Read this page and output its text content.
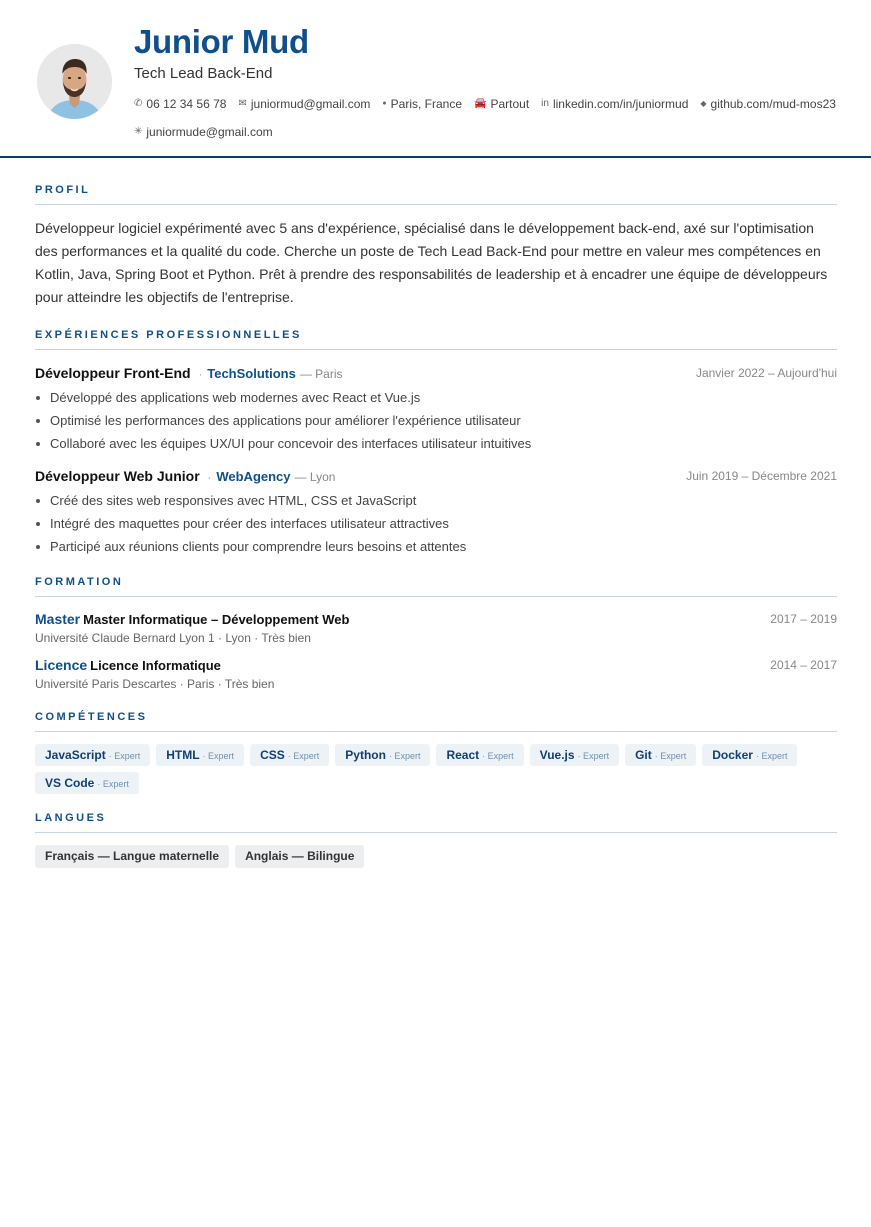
Junior Mud
Tech Lead Back-End
✆ 06 12 34 56 78 ✉ juniormud@gmail.com ● Paris, France 🚘 Partout in linkedin.com/in/juniormud ◆ github.com/mud-mos23
✳ juniormude@gmail.com
PROFIL

Développeur logiciel expérimenté avec 5 ans d'expérience, spécialisé dans le développement back-end, axé sur l'optimisation des performances et la qualité du code. Cherche un poste de Tech Lead Back-End pour mettre en valeur mes compétences en Kotlin, Java, Spring Boot et Python. Prêt à prendre des responsabilités de leadership et à encadrer une équipe de développeurs pour atteindre les objectifs de l'entreprise.

EXPÉRIENCES PROFESSIONNELLES
Développeur Front-End · TechSolutions — Paris	Janvier 2022 – Aujourd'hui
Développé des applications web modernes avec React et Vue.js
Optimisé les performances des applications pour améliorer l'expérience utilisateur
Collaboré avec les équipes UX/UI pour concevoir des interfaces utilisateur intuitives
Développeur Web Junior · WebAgency — Lyon	Juin 2019 – Décembre 2021
Créé des sites web responsives avec HTML, CSS et JavaScript
Intégré des maquettes pour créer des interfaces utilisateur attractives
Participé aux réunions clients pour comprendre leurs besoins et attentes
FORMATION
Master Master Informatique – Développement Web	2017 – 2019
Université Claude Bernard Lyon 1 · Lyon · Très bien
Licence Licence Informatique	2014 – 2017
Université Paris Descartes · Paris · Très bien
COMPÉTENCES
JavaScript · Expert	HTML · Expert	CSS · Expert	Python · Expert	React · Expert	Vue.js · Expert	Git · Expert	Docker · Expert
VS Code · Expert
LANGUES
Français — Langue maternelle	Anglais — Bilingue
